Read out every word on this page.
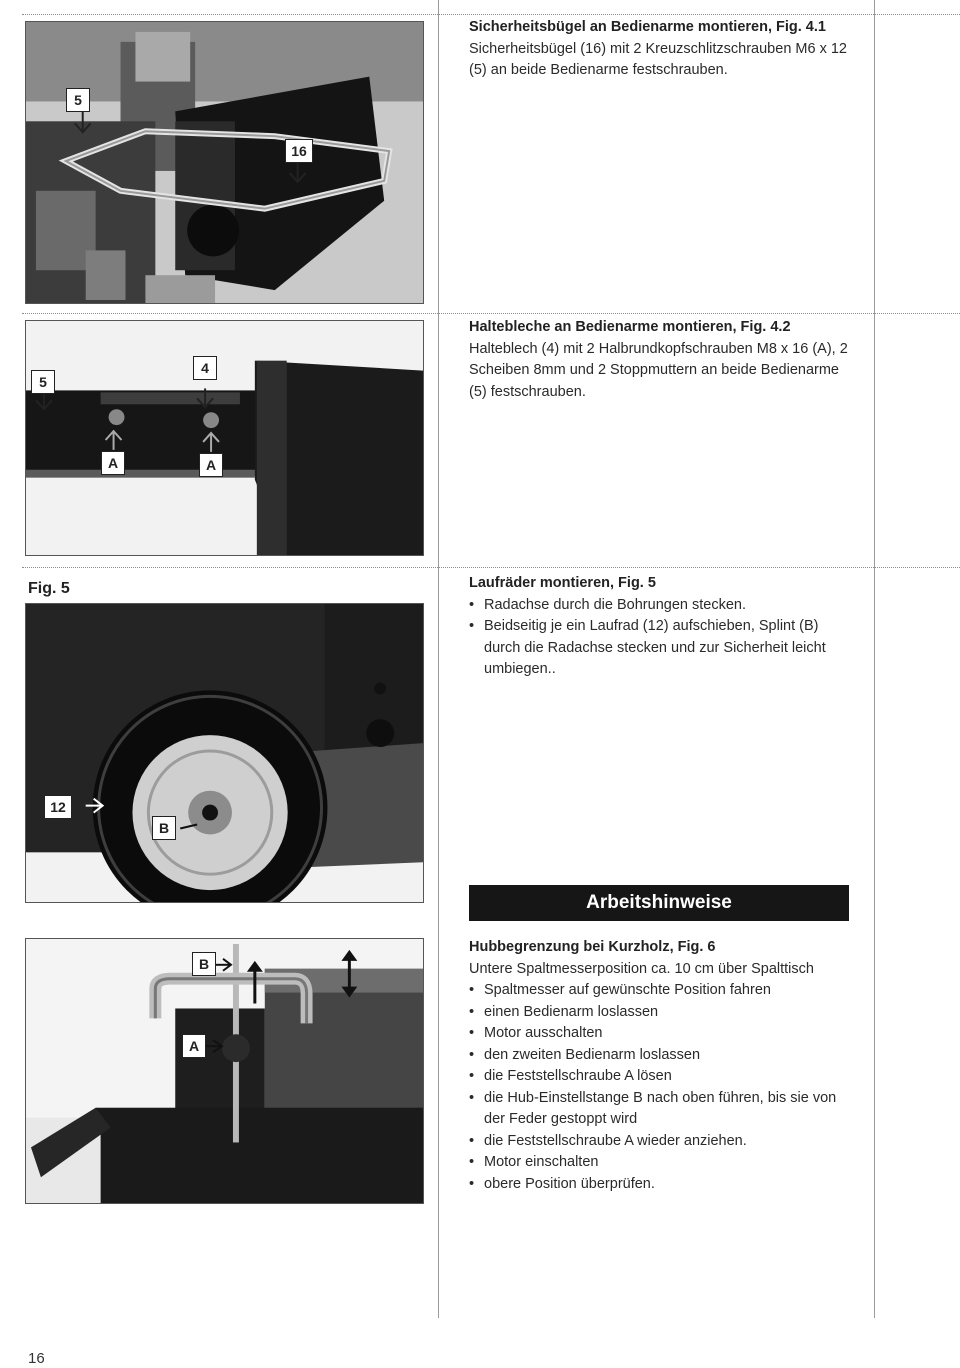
5
16
Sicherheitsbügel an Bedienarme montieren, Fig. 4.1
Sicherheitsbügel (16) mit 2 Kreuzschlitzschrauben M6 x 12 (5) an beide Bedienarme festschrauben.
5
4
A	A
Haltebleche an Bedienarme montieren, Fig. 4.2
Halteblech (4) mit 2 Halbrundkopfschrauben M8 x 16 (A), 2 Scheiben 8mm und 2 Stoppmuttern an beide Bedienarme (5) festschrauben.
Fig. 5
12
B
Laufräder montieren, Fig. 5
• Radachse durch die Bohrungen stecken.
• Beidseitig je ein Laufrad (12) aufschieben, Splint (B) durch die Radachse stecken und zur Sicherheit leicht umbiegen..
Arbeitshinweise
B
A
Hubbegrenzung bei Kurzholz, Fig. 6
Untere Spaltmesserposition ca. 10 cm über Spalttisch
• Spaltmesser auf gewünschte Position fahren
• einen Bedienarm loslassen
• Motor ausschalten
• den zweiten Bedienarm loslassen
• die Feststellschraube A lösen
• die Hub-Einstellstange B nach oben führen, bis sie von der Feder gestoppt wird
• die Feststellschraube A wieder anziehen.
• Motor einschalten
• obere Position überprüfen.
16
